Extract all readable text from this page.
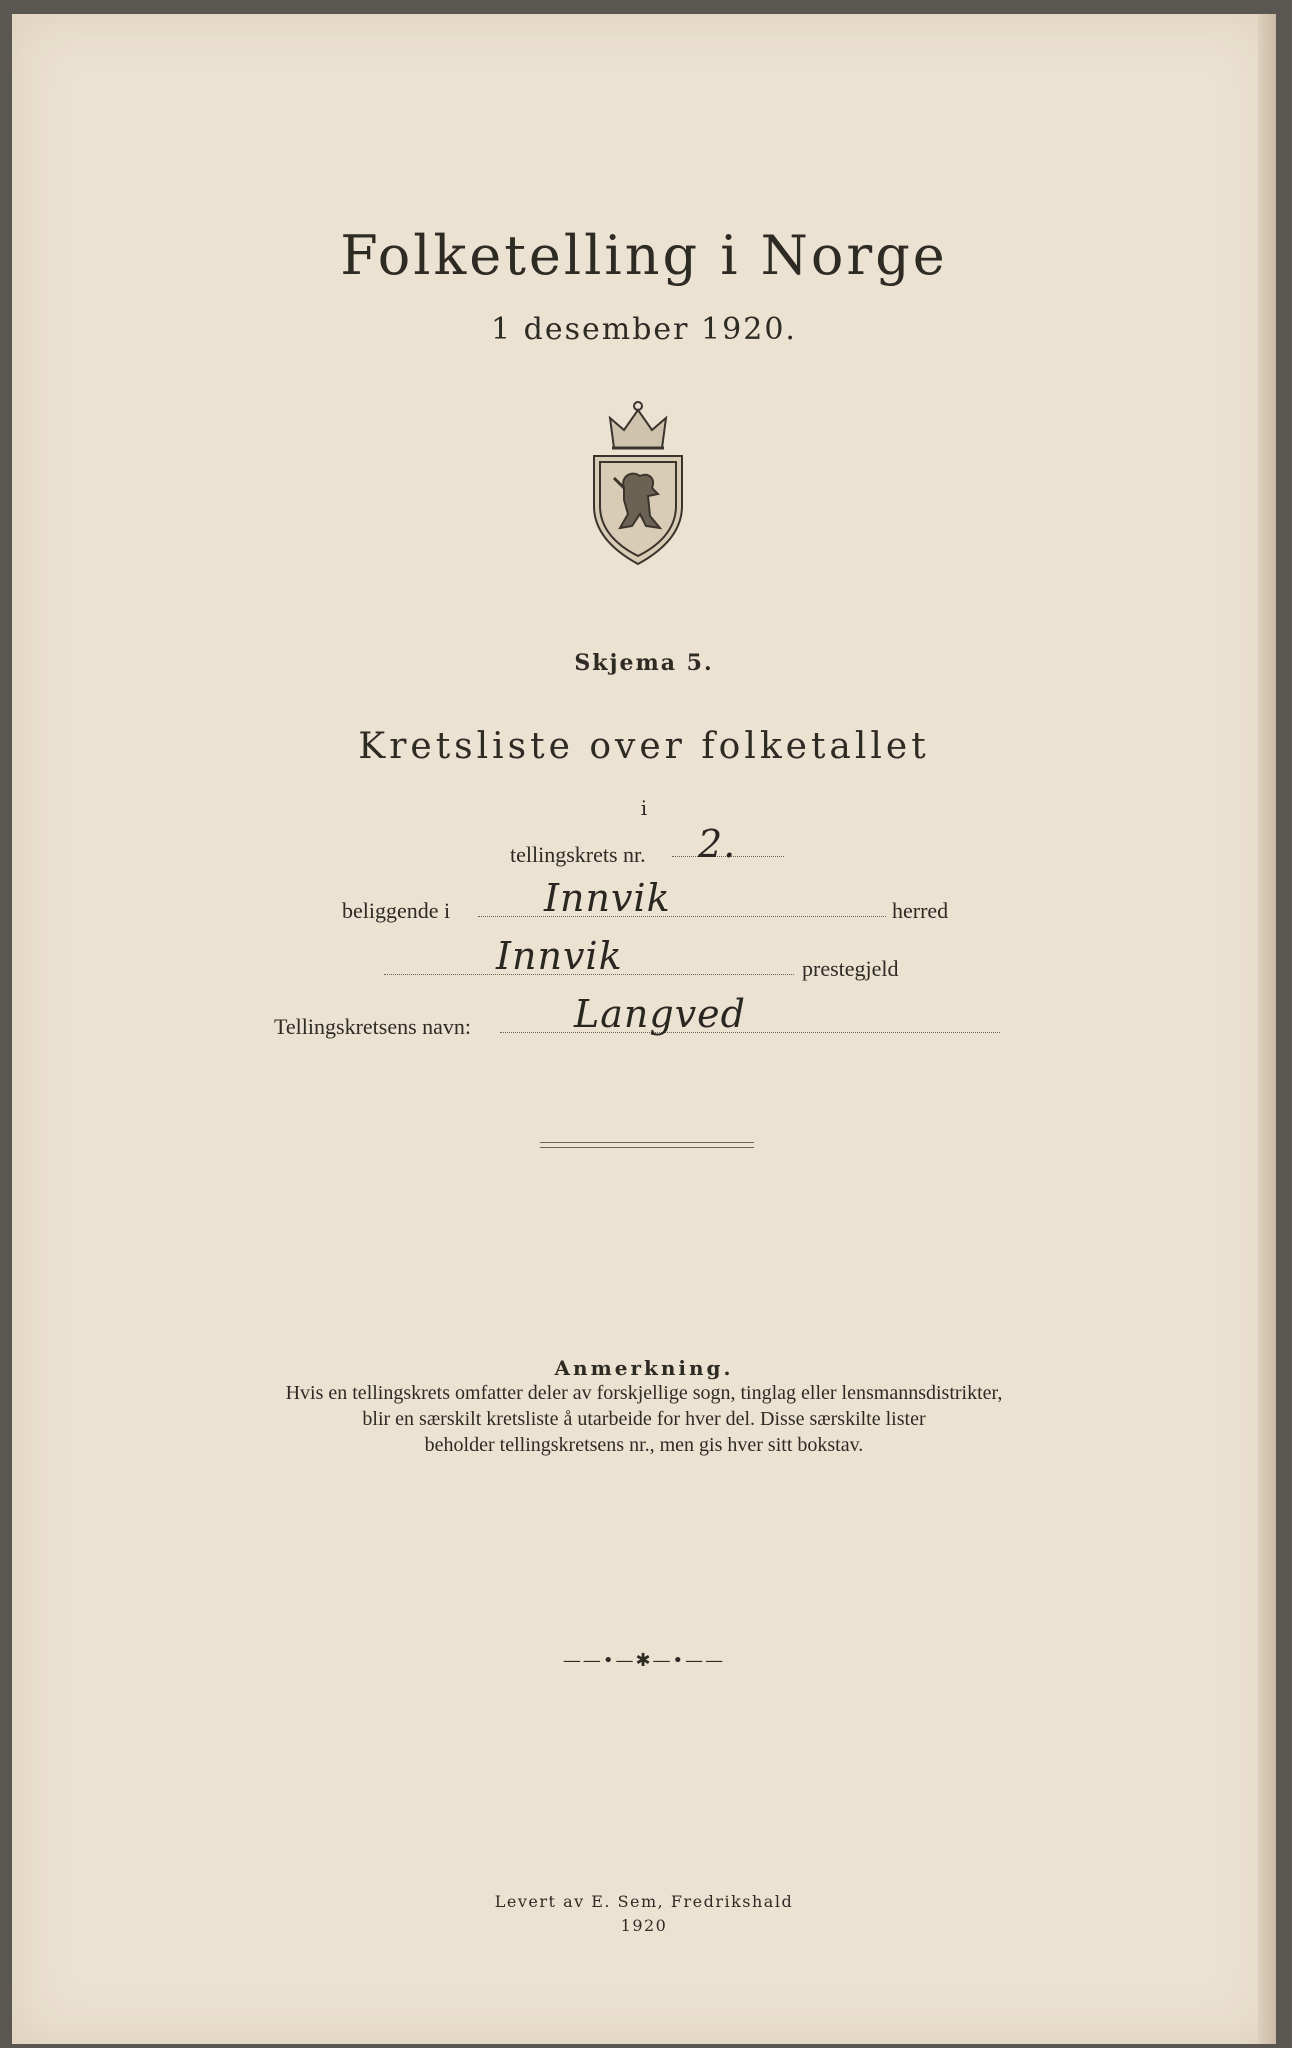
Folketelling i Norge
1 desember 1920.
Skjema 5.
Kretsliste over folketallet
i
tellingskrets nr. 2.
beliggende i Innvik	herred
Innvik	prestegjeld
Tellingskretsens navn:	Langved
Anmerkning.
Hvis en tellingskrets omfatter deler av forskjellige sogn, tinglag eller lensmannsdistrikter,
blir en særskilt kretsliste å utarbeide for hver del. Disse særskilte lister
beholder tellingskretsens nr., men gis hver sitt bokstav.
——•—✱—•——
Levert av E. Sem, Fredrikshald
1920
